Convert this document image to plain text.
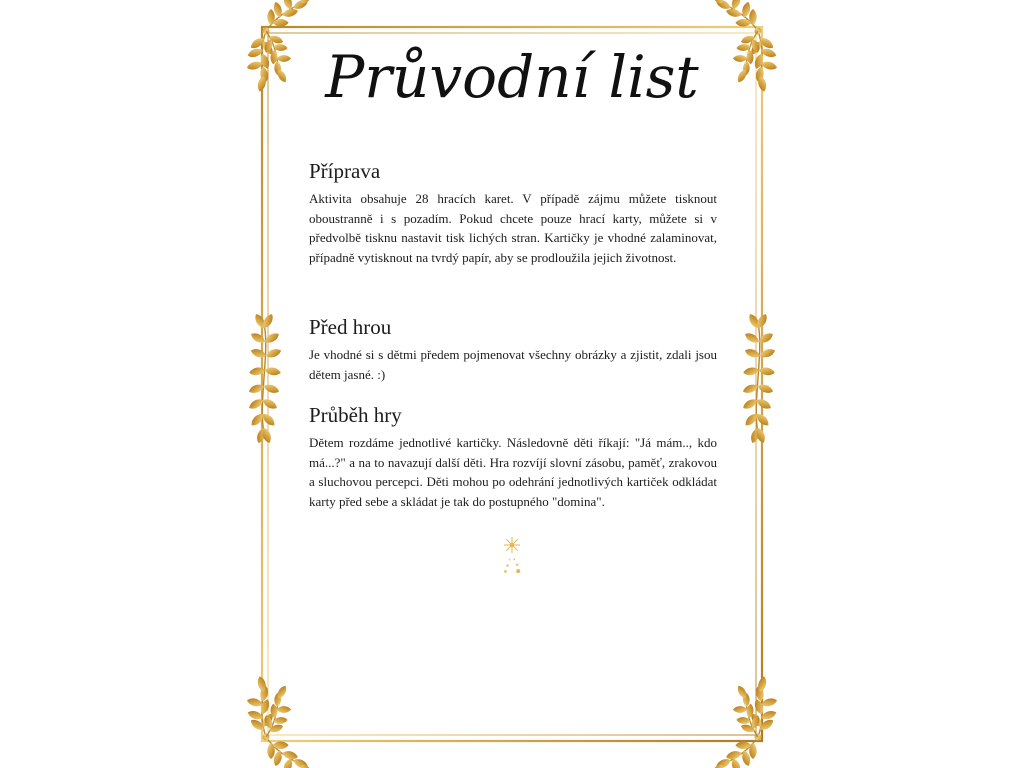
Průvodní list
Příprava

Aktivita obsahuje 28 hracích karet. V případě zájmu můžete tisknout oboustranně i s pozadím. Pokud chcete pouze hrací karty, můžete si v předvolbě tisknu nastavit tisk lichých stran. Kartičky je vhodné zalaminovat, případně vytisknout na tvrdý papír, aby se prodloužila jejich životnost.

Před hrou

Je vhodné si s dětmi předem pojmenovat všechny obrázky a zjistit, zdali jsou dětem jasné. :)

Průběh hry

Dětem rozdáme jednotlivé kartičky. Následovně děti říkají: "Já mám.., kdo má...?" a na to navazují další děti. Hra rozvíjí slovní zásobu, paměť, zrakovou a sluchovou percepci. Děti mohou po odehrání jednotlivých kartiček odkládat karty před sebe a skládat je tak do postupného "domina".
